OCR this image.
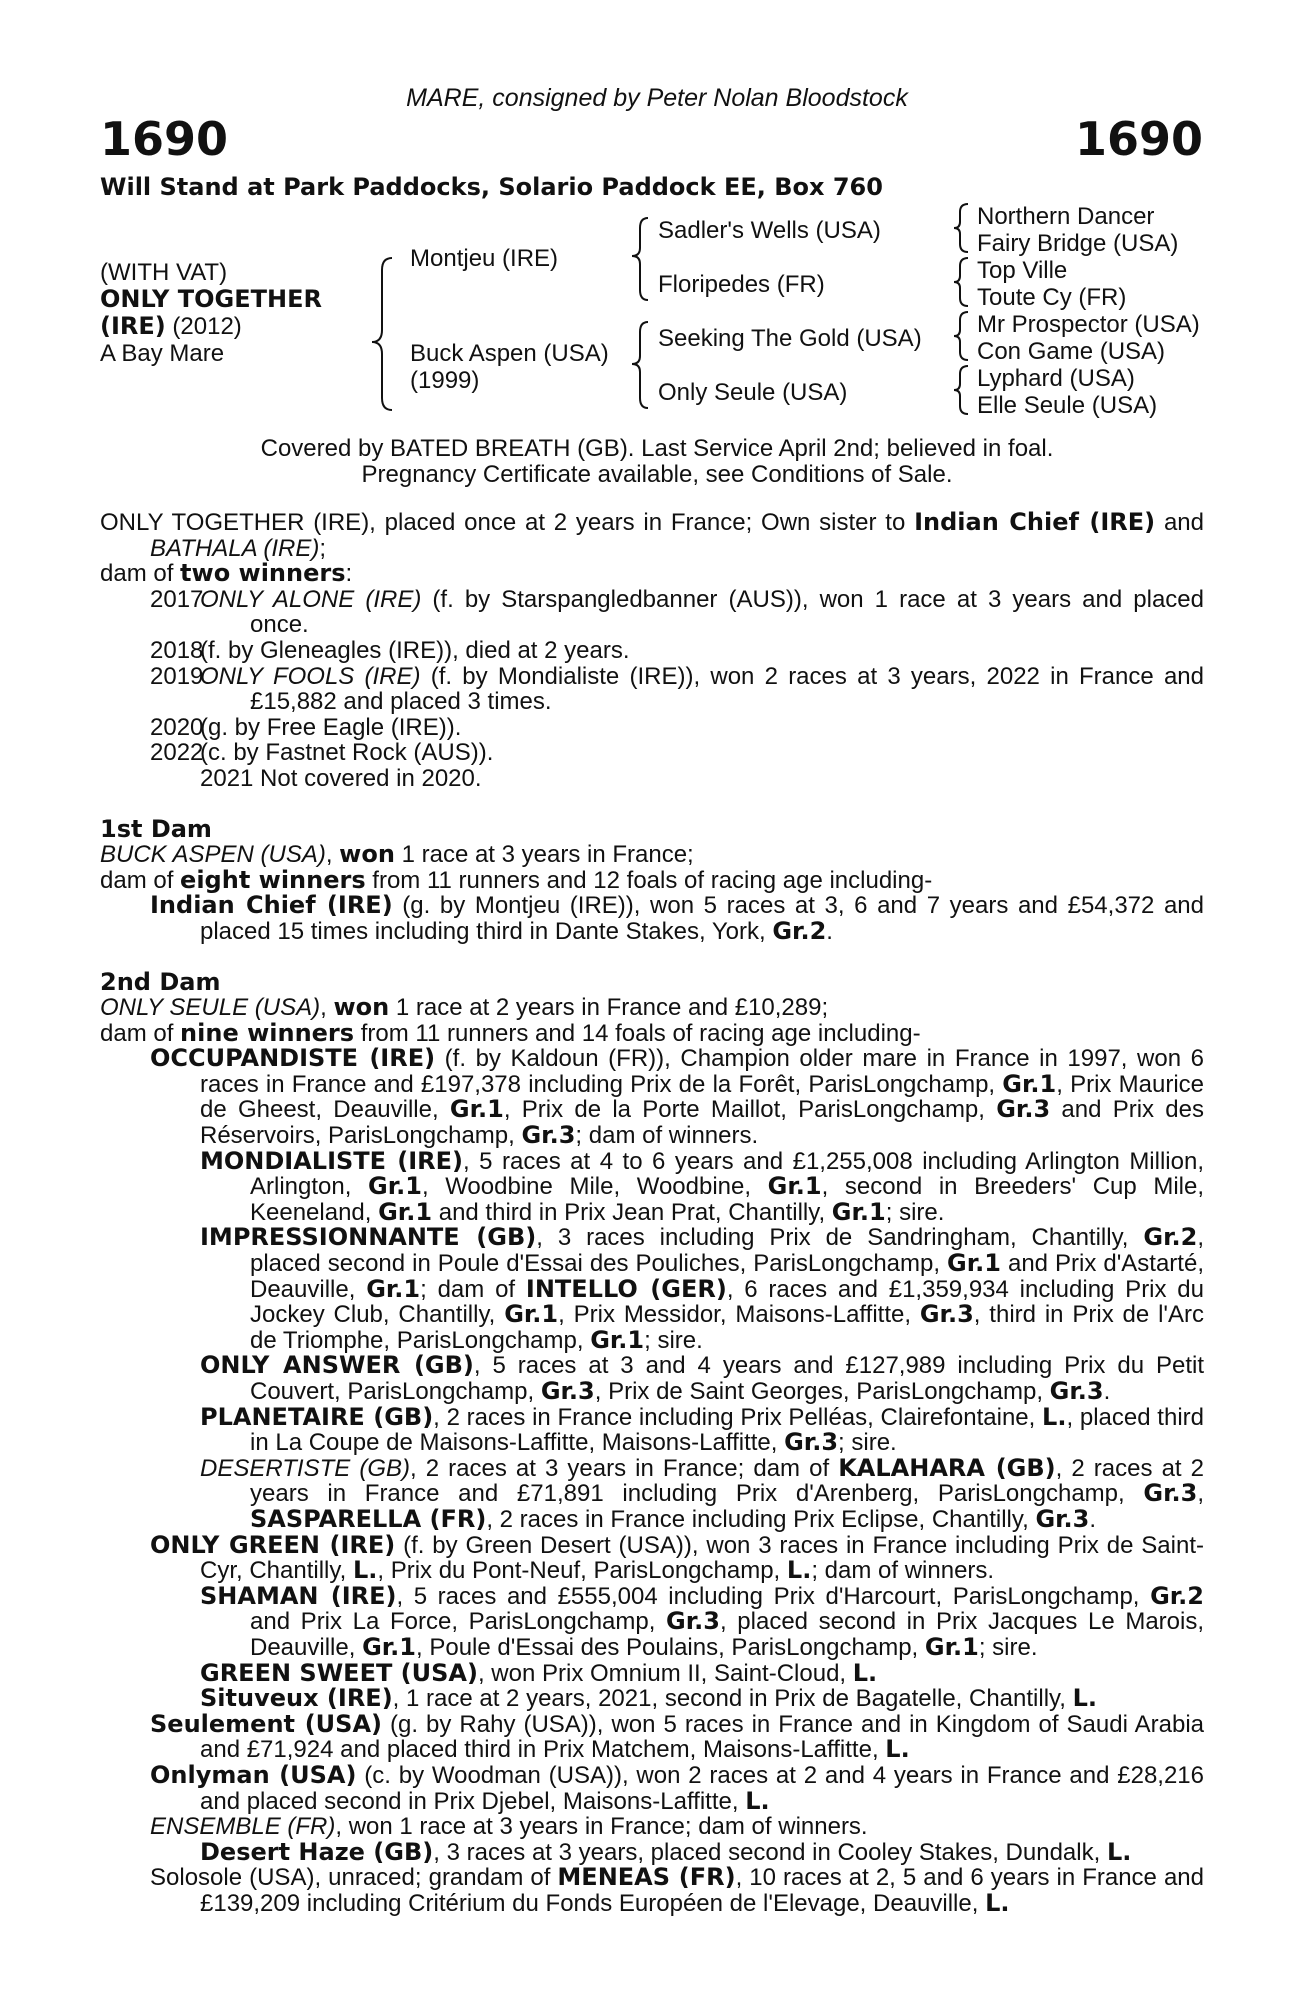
MARE, consigned by Peter Nolan Bloodstock
1690	1690
Will Stand at Park Paddocks, Solario Paddock EE, Box 760
(WITH VAT)
ONLY TOGETHER
(IRE) (2012)
A Bay Mare
Montjeu (IRE)
Buck Aspen (USA)
(1999)
Sadler's Wells (USA)
Floripedes (FR)
Seeking The Gold (USA)
Only Seule (USA)
Northern Dancer
Fairy Bridge (USA)
Top Ville
Toute Cy (FR)
Mr Prospector (USA)
Con Game (USA)
Lyphard (USA)
Elle Seule (USA)
Covered by BATED BREATH (GB). Last Service April 2nd; believed in foal.
Pregnancy Certificate available, see Conditions of Sale.
ONLY TOGETHER (IRE), placed once at 2 years in France; Own sister to Indian Chief (IRE) and BATHALA (IRE);
dam of two winners:
2017
ONLY ALONE (IRE) (f. by Starspangledbanner (AUS)), won 1 race at 3 years and placed once.
2018
(f. by Gleneagles (IRE)), died at 2 years.
2019
ONLY FOOLS (IRE) (f. by Mondialiste (IRE)), won 2 races at 3 years, 2022 in France and £15,882 and placed 3 times.
2020
(g. by Free Eagle (IRE)).
2022
(c. by Fastnet Rock (AUS)).
2021 Not covered in 2020.
1st Dam
BUCK ASPEN (USA), won 1 race at 3 years in France;
dam of eight winners from 11 runners and 12 foals of racing age including-
Indian Chief (IRE) (g. by Montjeu (IRE)), won 5 races at 3, 6 and 7 years and £54,372 and placed 15 times including third in Dante Stakes, York, Gr.2.
2nd Dam
ONLY SEULE (USA), won 1 race at 2 years in France and £10,289;
dam of nine winners from 11 runners and 14 foals of racing age including-
OCCUPANDISTE (IRE) (f. by Kaldoun (FR)), Champion older mare in France in 1997, won 6 races in France and £197,378 including Prix de la Forêt, ParisLongchamp, Gr.1, Prix Maurice de Gheest, Deauville, Gr.1, Prix de la Porte Maillot, ParisLongchamp, Gr.3 and Prix des Réservoirs, ParisLongchamp, Gr.3; dam of winners.
MONDIALISTE (IRE), 5 races at 4 to 6 years and £1,255,008 including Arlington Million, Arlington, Gr.1, Woodbine Mile, Woodbine, Gr.1, second in Breeders' Cup Mile, Keeneland, Gr.1 and third in Prix Jean Prat, Chantilly, Gr.1; sire.
IMPRESSIONNANTE (GB), 3 races including Prix de Sandringham, Chantilly, Gr.2, placed second in Poule d'Essai des Pouliches, ParisLongchamp, Gr.1 and Prix d'Astarté, Deauville, Gr.1; dam of INTELLO (GER), 6 races and £1,359,934 including Prix du Jockey Club, Chantilly, Gr.1, Prix Messidor, Maisons-Laffitte, Gr.3, third in Prix de l'Arc de Triomphe, ParisLongchamp, Gr.1; sire.
ONLY ANSWER (GB), 5 races at 3 and 4 years and £127,989 including Prix du Petit Couvert, ParisLongchamp, Gr.3, Prix de Saint Georges, ParisLongchamp, Gr.3.
PLANETAIRE (GB), 2 races in France including Prix Pelléas, Clairefontaine, L., placed third in La Coupe de Maisons-Laffitte, Maisons-Laffitte, Gr.3; sire.
DESERTISTE (GB), 2 races at 3 years in France; dam of KALAHARA (GB), 2 races at 2 years in France and £71,891 including Prix d'Arenberg, ParisLongchamp, Gr.3, SASPARELLA (FR), 2 races in France including Prix Eclipse, Chantilly, Gr.3.
ONLY GREEN (IRE) (f. by Green Desert (USA)), won 3 races in France including Prix de Saint-Cyr, Chantilly, L., Prix du Pont-Neuf, ParisLongchamp, L.; dam of winners.
SHAMAN (IRE), 5 races and £555,004 including Prix d'Harcourt, ParisLongchamp, Gr.2 and Prix La Force, ParisLongchamp, Gr.3, placed second in Prix Jacques Le Marois, Deauville, Gr.1, Poule d'Essai des Poulains, ParisLongchamp, Gr.1; sire.
GREEN SWEET (USA), won Prix Omnium II, Saint-Cloud, L.
Situveux (IRE), 1 race at 2 years, 2021, second in Prix de Bagatelle, Chantilly, L.
Seulement (USA) (g. by Rahy (USA)), won 5 races in France and in Kingdom of Saudi Arabia and £71,924 and placed third in Prix Matchem, Maisons-Laffitte, L.
Onlyman (USA) (c. by Woodman (USA)), won 2 races at 2 and 4 years in France and £28,216 and placed second in Prix Djebel, Maisons-Laffitte, L.
ENSEMBLE (FR), won 1 race at 3 years in France; dam of winners.
Desert Haze (GB), 3 races at 3 years, placed second in Cooley Stakes, Dundalk, L.
Solosole (USA), unraced; grandam of MENEAS (FR), 10 races at 2, 5 and 6 years in France and £139,209 including Critérium du Fonds Européen de l'Elevage, Deauville, L.
